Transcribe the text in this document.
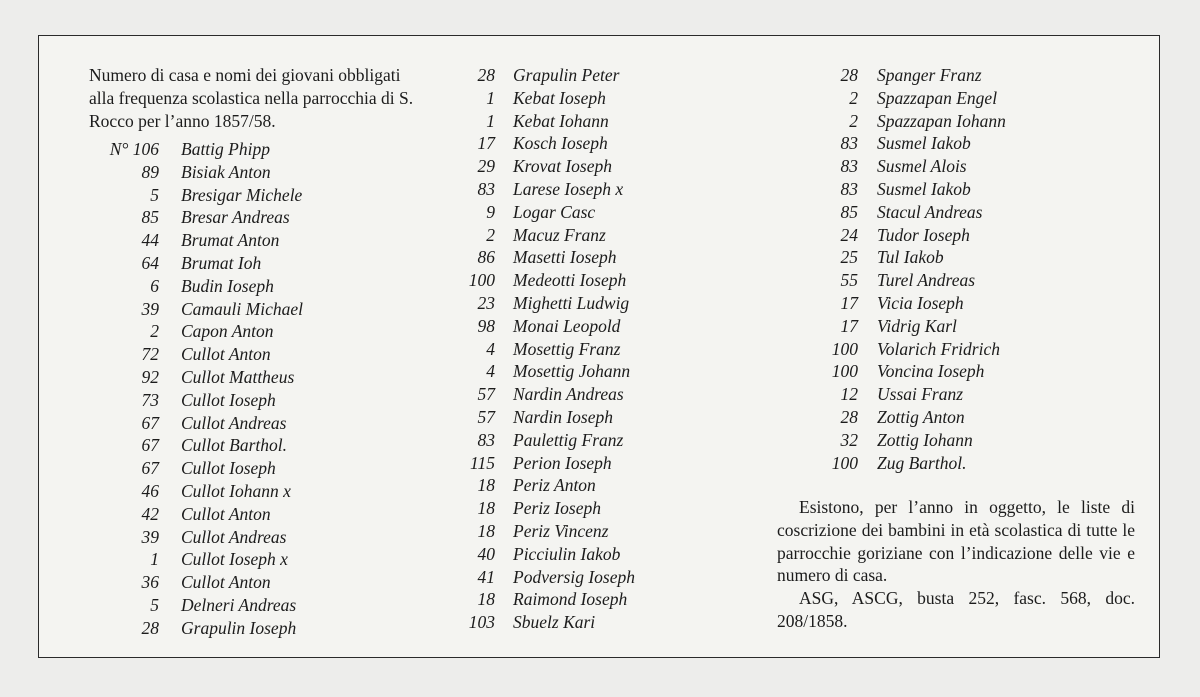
Numero di casa e nomi dei giovani obbligati alla frequenza scolastica nella parrocchia di S. Rocco per l’anno 1857/58.

N° 106 Battig Phipp
89 Bisiak Anton
5 Bresigar Michele
85 Bresar Andreas
44 Brumat Anton
64 Brumat Ioh
6 Budin Ioseph
39 Camauli Michael
2 Capon Anton
72 Cullot Anton
92 Cullot Mattheus
73 Cullot Ioseph
67 Cullot Andreas
67 Cullot Barthol.
67 Cullot Ioseph
46 Cullot Iohann x
42 Cullot Anton
39 Cullot Andreas
1 Cullot Ioseph x
36 Cullot Anton
5 Delneri Andreas
28 Grapulin Ioseph
28 Grapulin Peter
1 Kebat Ioseph
1 Kebat Iohann
17 Kosch Ioseph
29 Krovat Ioseph
83 Larese Ioseph x
9 Logar Casc
2 Macuz Franz
86 Masetti Ioseph
100 Medeotti Ioseph
23 Mighetti Ludwig
98 Monai Leopold
4 Mosettig Franz
4 Mosettig Johann
57 Nardin Andreas
57 Nardin Ioseph
83 Paulettig Franz
115 Perion Ioseph
18 Periz Anton
18 Periz Ioseph
18 Periz Vincenz
40 Picciulin Iakob
41 Podversig Ioseph
18 Raimond Ioseph
103 Sbuelz Kari
28 Spanger Franz
2 Spazzapan Engel
2 Spazzapan Iohann
83 Susmel Iakob
83 Susmel Alois
83 Susmel Iakob
85 Stacul Andreas
24 Tudor Ioseph
25 Tul Iakob
55 Turel Andreas
17 Vicia Ioseph
17 Vidrig Karl
100 Volarich Fridrich
100 Voncina Ioseph
12 Ussai Franz
28 Zottig Anton
32 Zottig Iohann
100 Zug Barthol.

Esistono, per l’anno in oggetto, le liste di coscrizione dei bambini in età scolastica di tutte le parrocchie goriziane con l’indicazione delle vie e numero di casa.

ASG, ASCG, busta 252, fasc. 568, doc. 208/1858.
